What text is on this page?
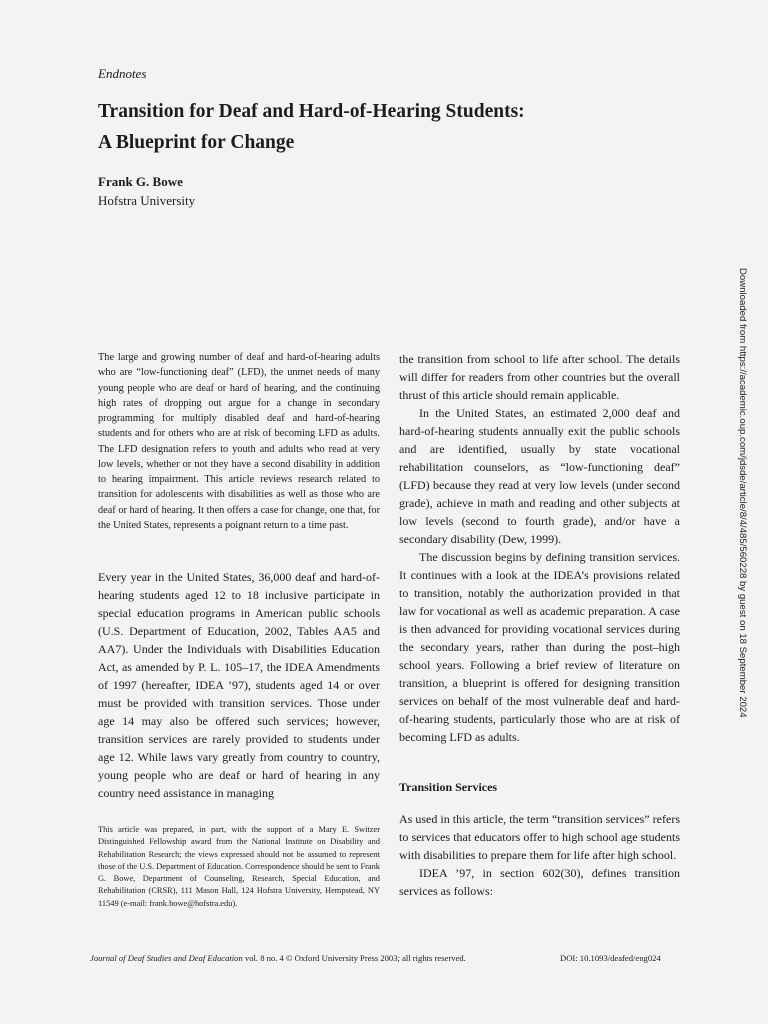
Endnotes
Transition for Deaf and Hard-of-Hearing Students:
A Blueprint for Change
Frank G. Bowe
Hofstra University

The large and growing number of deaf and hard-of-hearing adults who are “low-functioning deaf” (LFD), the unmet needs of many young people who are deaf or hard of hearing, and the continuing high rates of dropping out argue for a change in secondary programming for multiply disabled deaf and hard-of-hearing students and for others who are at risk of becoming LFD as adults. The LFD designation refers to youth and adults who read at very low levels, whether or not they have a second disability in addition to hearing impairment. This article reviews research related to transition for adolescents with disabilities as well as those who are deaf or hard of hearing. It then offers a case for change, one that, for the United States, represents a poignant return to a time past.

Every year in the United States, 36,000 deaf and hard-of-hearing students aged 12 to 18 inclusive participate in special education programs in American public schools (U.S. Department of Education, 2002, Tables AA5 and AA7). Under the Individuals with Disabilities Education Act, as amended by P. L. 105–17, the IDEA Amendments of 1997 (hereafter, IDEA ’97), students aged 14 or over must be provided with transition services. Those under age 14 may also be offered such services; however, transition services are rarely provided to students under age 12. While laws vary greatly from country to country, young people who are deaf or hard of hearing in any country need assistance in managing

This article was prepared, in part, with the support of a Mary E. Switzer Distinguished Fellowship award from the National Institute on Disability and Rehabilitation Research; the views expressed should not be assumed to represent those of the U.S. Department of Education. Correspondence should be sent to Frank G. Bowe, Department of Counseling, Research, Special Education, and Rehabilitation (CRSR), 111 Mason Hall, 124 Hofstra University, Hempstead, NY 11549 (e-mail: frank.bowe@hofstra.edu).

the transition from school to life after school. The details will differ for readers from other countries but the overall thrust of this article should remain applicable.

In the United States, an estimated 2,000 deaf and hard-of-hearing students annually exit the public schools and are identified, usually by state vocational rehabilitation counselors, as “low-functioning deaf” (LFD) because they read at very low levels (under second grade), achieve in math and reading and other subjects at low levels (second to fourth grade), and/or have a secondary disability (Dew, 1999).

The discussion begins by defining transition services. It continues with a look at the IDEA’s provisions related to transition, notably the authorization provided in that law for vocational as well as academic preparation. A case is then advanced for providing vocational services during the secondary years, rather than during the post–high school years. Following a brief review of literature on transition, a blueprint is offered for designing transition services on behalf of the most vulnerable deaf and hard-of-hearing students, particularly those who are at risk of becoming LFD as adults.

Transition Services

As used in this article, the term “transition services” refers to services that educators offer to high school age students with disabilities to prepare them for life after high school.

IDEA ’97, in section 602(30), defines transition services as follows:

Journal of Deaf Studies and Deaf Education vol. 8 no. 4 © Oxford University Press 2003; all rights reserved.	DOI: 10.1093/deafed/eng024
Downloaded from https://academic.oup.com/jdsde/article/8/4/485/560228 by guest on 18 September 2024
